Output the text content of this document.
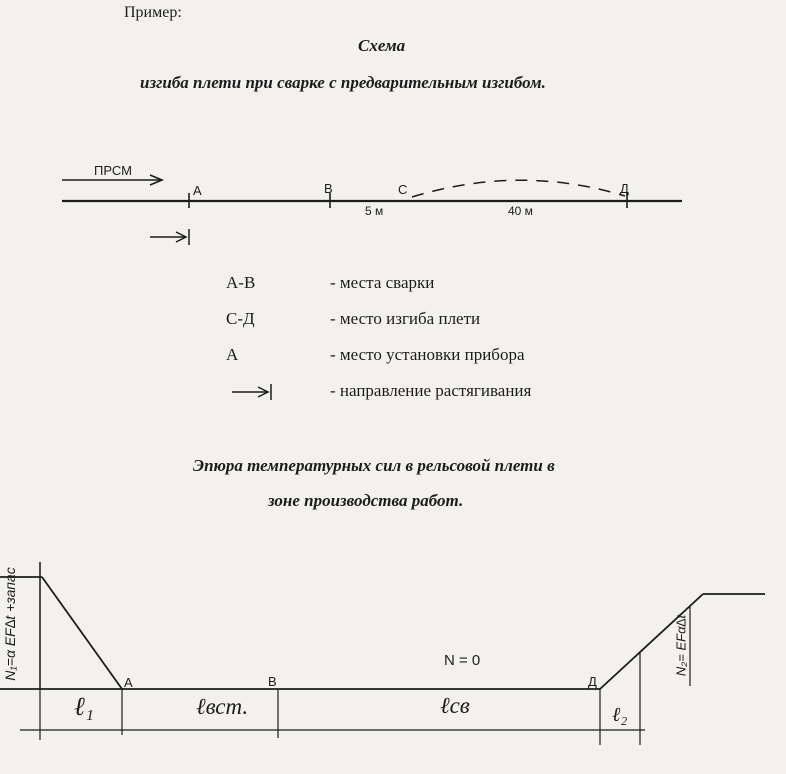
Пример:
Схема
изгиба плети при сварке с предварительным изгибом.
ПРСМ
А	В	С	Д
5 м	40 м
А-В	- места сварки
С-Д	- место изгиба плети
А	- место установки прибора
- направление растягивания
Эпюра температурных сил в рельсовой плети в
зоне производства работ.
N₁=α EF∆t +запас	N₂= EFα∆t
N = 0
А	В	Д
ℓ₁	ℓвст.	ℓсв	ℓ₂
